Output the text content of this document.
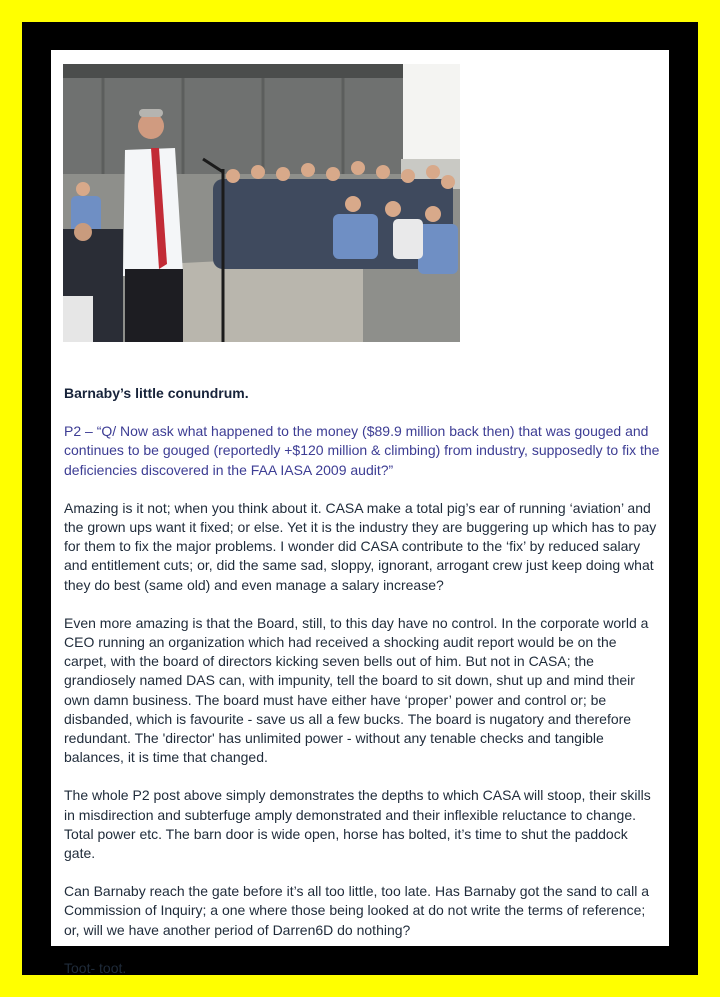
Barnaby’s little conundrum.

P2 – “Q/ Now ask what happened to the money ($89.9 million back then) that was gouged and continues to be gouged (reportedly +$120 million & climbing) from industry, supposedly to fix the deficiencies discovered in the FAA IASA 2009 audit?”

Amazing is it not; when you think about it. CASA make a total pig’s ear of running ‘aviation’ and the grown ups want it fixed; or else. Yet it is the industry they are buggering up which has to pay for them to fix the major problems. I wonder did CASA contribute to the ‘fix’ by reduced salary and entitlement cuts; or, did the same sad, sloppy, ignorant, arrogant crew just keep doing what they do best (same old) and even manage a salary increase?

Even more amazing is that the Board, still, to this day have no control. In the corporate world a CEO running an organization which had received a shocking audit report would be on the carpet, with the board of directors kicking seven bells out of him. But not in CASA; the grandiosely named DAS can, with impunity, tell the board to sit down, shut up and mind their own damn business. The board must have either have ‘proper’ power and control or; be disbanded, which is favourite - save us all a few bucks. The board is nugatory and therefore redundant. The 'director' has unlimited power - without any tenable checks and tangible balances, it is time that changed.

The whole P2 post above simply demonstrates the depths to which CASA will stoop, their skills in misdirection and subterfuge amply demonstrated and their inflexible reluctance to change. Total power etc. The barn door is wide open, horse has bolted, it’s time to shut the paddock gate.

Can Barnaby reach the gate before it’s all too little, too late. Has Barnaby got the sand to call a Commission of Inquiry; a one where those being looked at do not write the terms of reference; or, will we have another period of Darren6D do nothing?

Toot- toot.
